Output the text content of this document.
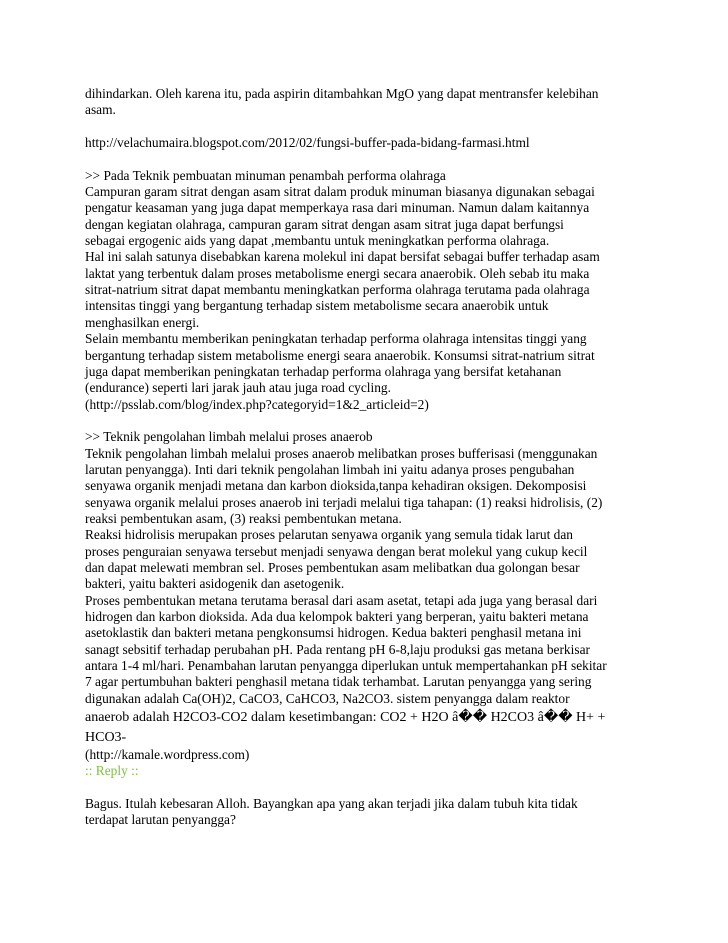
dihindarkan. Oleh karena itu, pada aspirin ditambahkan MgO yang dapat mentransfer kelebihan
asam.
http://velachumaira.blogspot.com/2012/02/fungsi-buffer-pada-bidang-farmasi.html
>> Pada Teknik pembuatan minuman penambah performa olahraga
Campuran garam sitrat dengan asam sitrat dalam produk minuman biasanya digunakan sebagai
pengatur keasaman yang juga dapat memperkaya rasa dari minuman. Namun dalam kaitannya
dengan kegiatan olahraga, campuran garam sitrat dengan asam sitrat juga dapat berfungsi
sebagai ergogenic aids yang dapat ,membantu untuk meningkatkan performa olahraga.
Hal ini salah satunya disebabkan karena molekul ini dapat bersifat sebagai buffer terhadap asam
laktat yang terbentuk dalam proses metabolisme energi secara anaerobik. Oleh sebab itu maka
sitrat-natrium sitrat dapat membantu meningkatkan performa olahraga terutama pada olahraga
intensitas tinggi yang bergantung terhadap sistem metabolisme secara anaerobik untuk
menghasilkan energi.
Selain membantu memberikan peningkatan terhadap performa olahraga intensitas tinggi yang
bergantung terhadap sistem metabolisme energi seara anaerobik. Konsumsi sitrat-natrium sitrat
juga dapat memberikan peningkatan terhadap performa olahraga yang bersifat ketahanan
(endurance) seperti lari jarak jauh atau juga road cycling.
(http://psslab.com/blog/index.php?categoryid=1&2_articleid=2)
>> Teknik pengolahan limbah melalui proses anaerob
Teknik pengolahan limbah melalui proses anaerob melibatkan proses bufferisasi (menggunakan
larutan penyangga). Inti dari teknik pengolahan limbah ini yaitu adanya proses pengubahan
senyawa organik menjadi metana dan karbon dioksida,tanpa kehadiran oksigen. Dekomposisi
senyawa organik melalui proses anaerob ini terjadi melalui tiga tahapan: (1) reaksi hidrolisis, (2)
reaksi pembentukan asam, (3) reaksi pembentukan metana.
Reaksi hidrolisis merupakan proses pelarutan senyawa organik yang semula tidak larut dan
proses penguraian senyawa tersebut menjadi senyawa dengan berat molekul yang cukup kecil
dan dapat melewati membran sel. Proses pembentukan asam melibatkan dua golongan besar
bakteri, yaitu bakteri asidogenik dan asetogenik.
Proses pembentukan metana terutama berasal dari asam asetat, tetapi ada juga yang berasal dari
hidrogen dan karbon dioksida. Ada dua kelompok bakteri yang berperan, yaitu bakteri metana
asetoklastik dan bakteri metana pengkonsumsi hidrogen. Kedua bakteri penghasil metana ini
sanagt sebsitif terhadap perubahan pH. Pada rentang pH 6-8,laju produksi gas metana berkisar
antara 1-4 ml/hari. Penambahan larutan penyangga diperlukan untuk mempertahankan pH sekitar
7 agar pertumbuhan bakteri penghasil metana tidak terhambat. Larutan penyangga yang sering
digunakan adalah Ca(OH)2, CaCO3, CaHCO3, Na2CO3. sistem penyangga dalam reaktor
anaerob adalah H2CO3-CO2 dalam kesetimbangan: CO2 + H2O â�� H2CO3 â�� H+ +
HCO3-
(http://kamale.wordpress.com)
:: Reply ::
Bagus. Itulah kebesaran Alloh. Bayangkan apa yang akan terjadi jika dalam tubuh kita tidak
terdapat larutan penyangga?
